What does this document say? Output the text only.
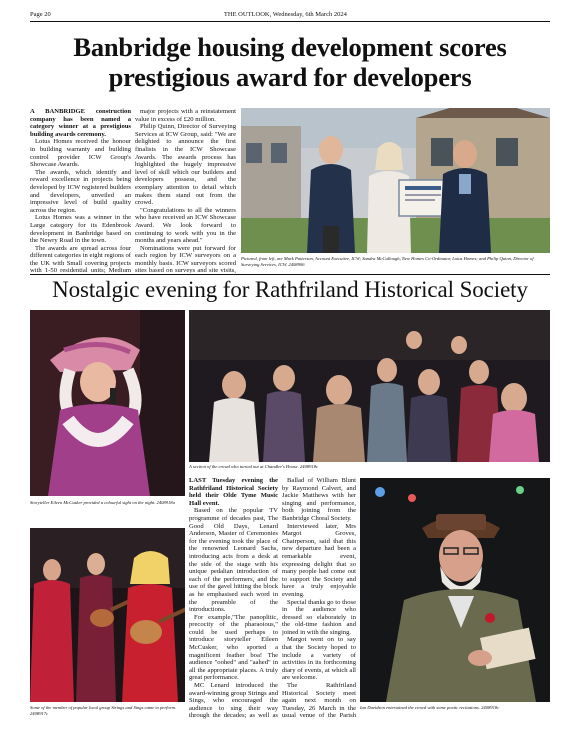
Page 20	THE OUTLOOK, Wednesday, 6th March 2024
Banbridge housing development scores prestigious award for developers

A BANBRIDGE construction company has been named a category winner at a prestigious building awards ceremony.

Lotus Homes received the honour in building warranty and building control provider ICW Group's Showcase Awards.

The awards, which identify and reward excellence in projects being developed by ICW registered builders and developers, unveiled an impressive level of build quality across the region.

Lotus Homes was a winner in the Large category for its Edenbrook development in Banbridge based on the Newry Road in the town.

The awards are spread across four different categories in eight regions of the UK with Small covering projects with 1-50 residential units; Medium

major projects with a reinstatement value in excess of £20 million.

Philip Quinn, Director of Surveying Services at ICW Group, said: "We are delighted to announce the first finalists in the ICW Showcase Awards. The awards process has highlighted the hugely impressive level of skill which our builders and developers possess, and the exemplary attention to detail which makes them stand out from the crowd.

"Congratulations to all the winners who have received an ICW Showcase Award. We look forward to continuing to work with you in the months and years ahead."

Nominations were put forward for each region by ICW surveyors on a monthly basis. ICW surveyors scored sites based on surveys and site visits,

Pictured, from left, are Mark Patterson, Account Executive, ICW; Sandra McCullough, New Homes Co-Ordinator, Lotus Homes; and Philip Quinn, Director of Surveying Services, ICW. 2408906
Nostalgic evening for Rathfriland Historical Society
A section of the crowd who turned out at Chandler's House. 2408918c
Storyteller Eileen McCusker provided a colourful sight on the night. 2408918a
Some of the member of popular local group Strings and Sings came to perform. 2408917c

LAST Tuesday evening the Rathfriland Historical Society held their Olde Tyme Music Hall event.

Based on the popular TV programme of decades past, The Good Old Days, Lenard Anderson, Master of Ceremonies for the evening took the place of the renowned Leonard Sachs, introducing acts from a desk at the side of the stage with his unique pedalian introduction of each of the performers, and the use of the gavel hitting the block as he emphasised each word in the preamble of the introductions.

For example,"The panoplitic, precocity of the pharaoious," could be used perhaps to introduce storyteller Eileen McCusker, who sported a magnificent feather boa! The audience "oohed" and "aahed" in all the appropriate places. A truly great performance.

MC Lenard introduced the award-winning group Strings and Sings, who encouraged the audience to sing their way through the decades; as well as

Ballad of William Blunt by Raymond Calvert, and Jackie Matthews with her singing and performance, both joining from the Banbridge Choral Society.

Interviewed later, Mrs Margot Groves, Chairperson, said that this new departure had been a remarkable event, expressing delight that so many people had come out to support the Society and have a truly enjoyable evening.

Special thanks go to those in the audience who dressed so elaborately in the old-time fashion and joined in with the singing.

Margot went on to say that the Society hoped to include a variety of activities in its forthcoming diary of events, at which all are welcome.

The Rathfriland Historical Society meet again next month on Tuesday, 26 March in the usual venue of the Parish

Ian Davidson entertained the crowd with some poetic recitations. 2408918c
